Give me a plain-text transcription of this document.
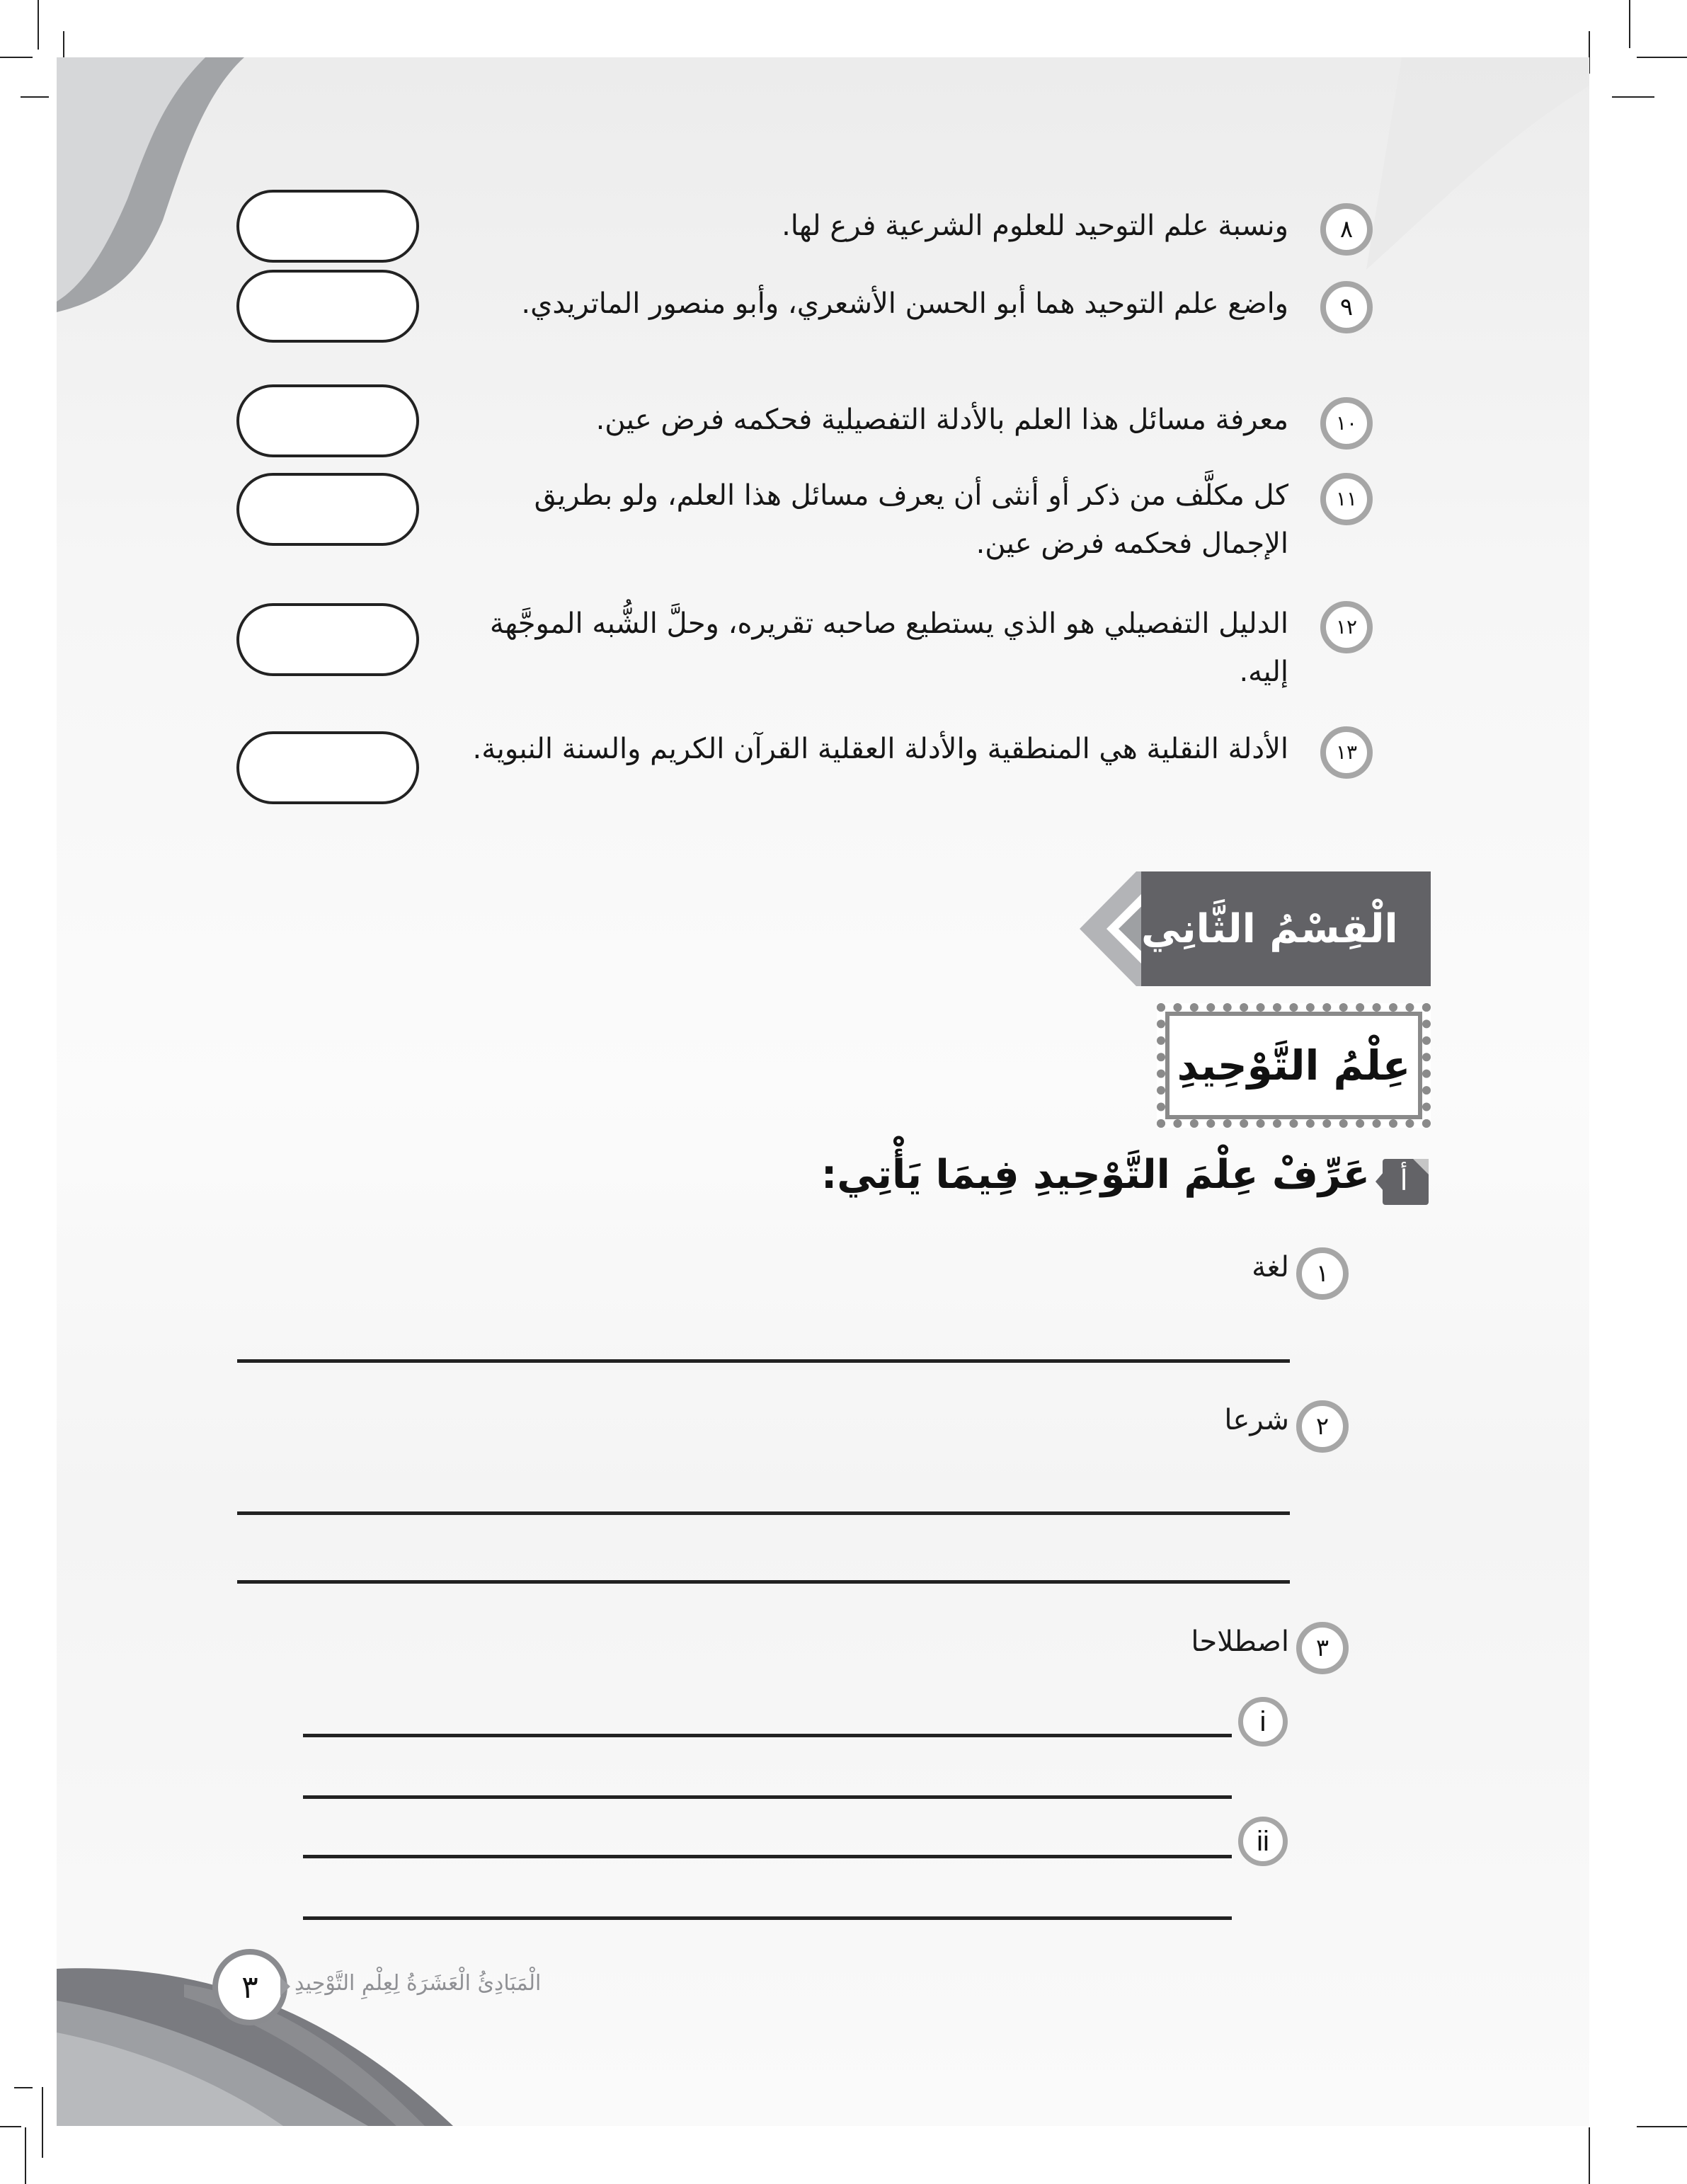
٨
ونسبة علم التوحيد للعلوم الشرعية فرع لها.
٩
واضع علم التوحيد هما أبو الحسن الأشعري، وأبو منصور الماتريدي.
١٠
معرفة مسائل هذا العلم بالأدلة التفصيلية فحكمه فرض عين.
١١
كل مكلَّف من ذكر أو أنثى أن يعرف مسائل هذا العلم، ولو بطريق الإجمال فحكمه فرض عين.
١٢
الدليل التفصيلي هو الذي يستطيع صاحبه تقريره، وحلَّ الشُّبه الموجَّهة إليه.
١٣
الأدلة النقلية هي المنطقية والأدلة العقلية القرآن الكريم والسنة النبوية.
الْقِسْمُ الثَّانِي
عِلْمُ التَّوْحِيدِ
أ
عَرِّفْ عِلْمَ التَّوْحِيدِ فِيمَا يَأْتِي:
١
لغة
٢
شرعا
٣
اصطلاحا
i
ii
٣ الْمَبَادِئُ الْعَشَرَةُ لِعِلْمِ التَّوْحِيدِ
